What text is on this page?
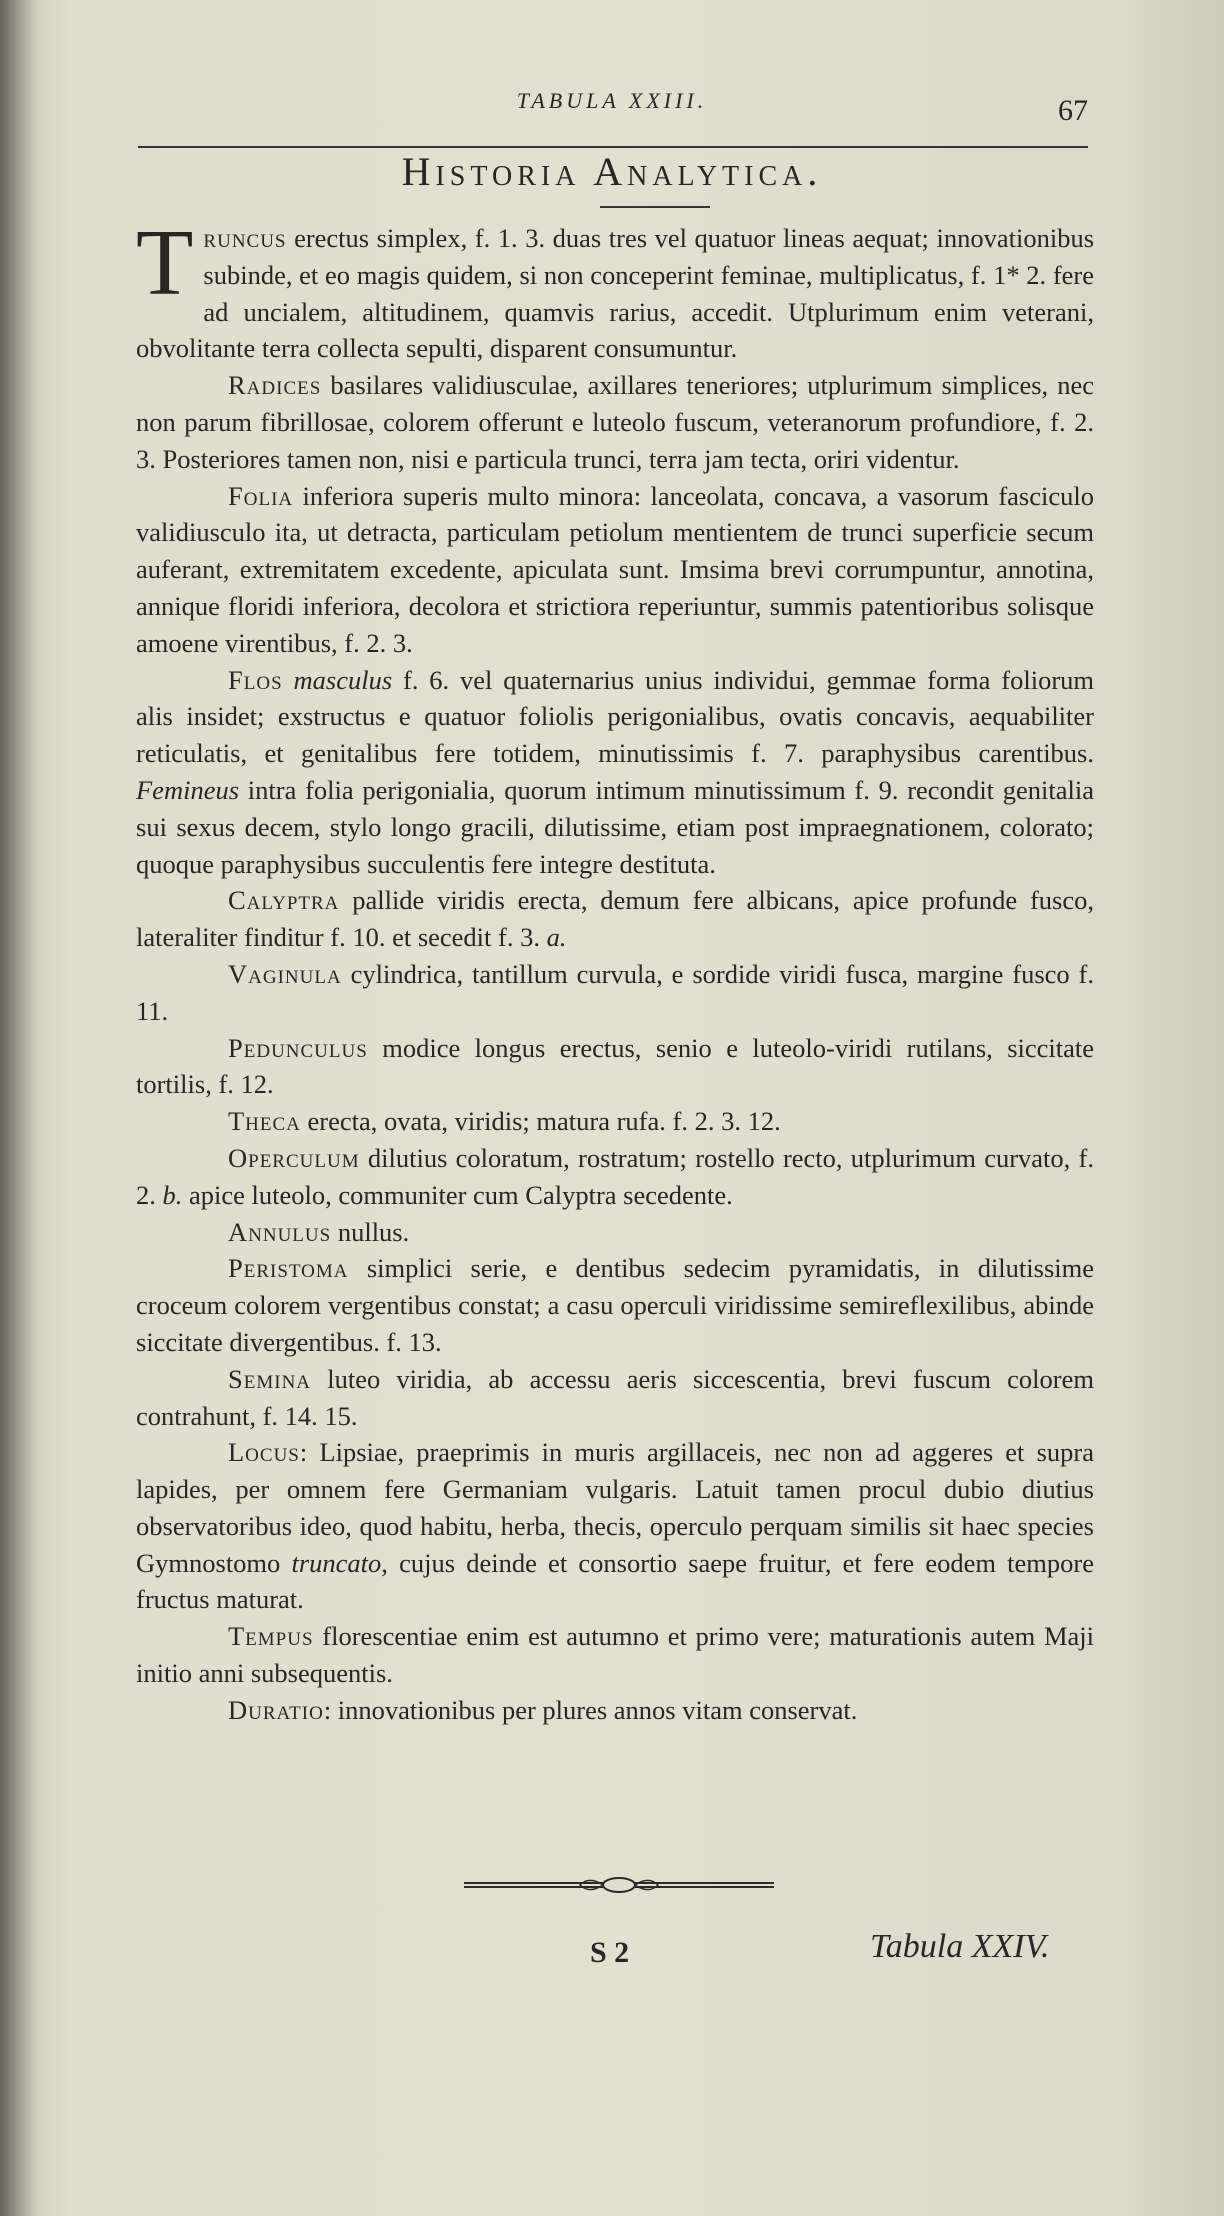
TABULA XXIII.	67
Historia Analytica.

Truncus erectus simplex, f. 1. 3. duas tres vel quatuor lineas aequat; innovationibus subinde, et eo magis quidem, si non conceperint feminae, multiplicatus, f. 1* 2. fere ad uncialem, altitudinem, quamvis rarius, accedit. Utplurimum enim veterani, obvolitante terra collecta sepulti, disparent consumuntur.

Radices basilares validiusculae, axillares teneriores; utplurimum simplices, nec non parum fibrillosae, colorem offerunt e luteolo fuscum, veteranorum profundiore, f. 2. 3. Posteriores tamen non, nisi e particula trunci, terra jam tecta, oriri videntur.

Folia inferiora superis multo minora: lanceolata, concava, a vasorum fasciculo validiusculo ita, ut detracta, particulam petiolum mentientem de trunci superficie secum auferant, extremitatem excedente, apiculata sunt. Imsima brevi corrumpuntur, annotina, annique floridi inferiora, decolora et strictiora reperiuntur, summis patentioribus solisque amoene virentibus, f. 2. 3.

Flos masculus f. 6. vel quaternarius unius individui, gemmae forma foliorum alis insidet; exstructus e quatuor foliolis perigonialibus, ovatis concavis, aequabiliter reticulatis, et genitalibus fere totidem, minutissimis f. 7. paraphysibus carentibus. Femineus intra folia perigonialia, quorum intimum minutissimum f. 9. recondit genitalia sui sexus decem, stylo longo gracili, dilutissime, etiam post impraegnationem, colorato; quoque paraphysibus succulentis fere integre destituta.

Calyptra pallide viridis erecta, demum fere albicans, apice profunde fusco, lateraliter finditur f. 10. et secedit f. 3. a.

Vaginula cylindrica, tantillum curvula, e sordide viridi fusca, margine fusco f. 11.

Pedunculus modice longus erectus, senio e luteolo-viridi rutilans, siccitate tortilis, f. 12.

Theca erecta, ovata, viridis; matura rufa. f. 2. 3. 12.

Operculum dilutius coloratum, rostratum; rostello recto, utplurimum curvato, f. 2. b. apice luteolo, communiter cum Calyptra secedente.

Annulus nullus.

Peristoma simplici serie, e dentibus sedecim pyramidatis, in dilutissime croceum colorem vergentibus constat; a casu operculi viridissime semireflexilibus, abinde siccitate divergentibus. f. 13.

Semina luteo viridia, ab accessu aeris siccescentia, brevi fuscum colorem contrahunt, f. 14. 15.

Locus: Lipsiae, praeprimis in muris argillaceis, nec non ad aggeres et supra lapides, per omnem fere Germaniam vulgaris. Latuit tamen procul dubio diutius observatoribus ideo, quod habitu, herba, thecis, operculo perquam similis sit haec species Gymnostomo truncato, cujus deinde et consortio saepe fruitur, et fere eodem tempore fructus maturat.

Tempus florescentiae enim est autumno et primo vere; maturationis autem Maji initio anni subsequentis.

Duratio: innovationibus per plures annos vitam conservat.

S 2	Tabula XXIV.
